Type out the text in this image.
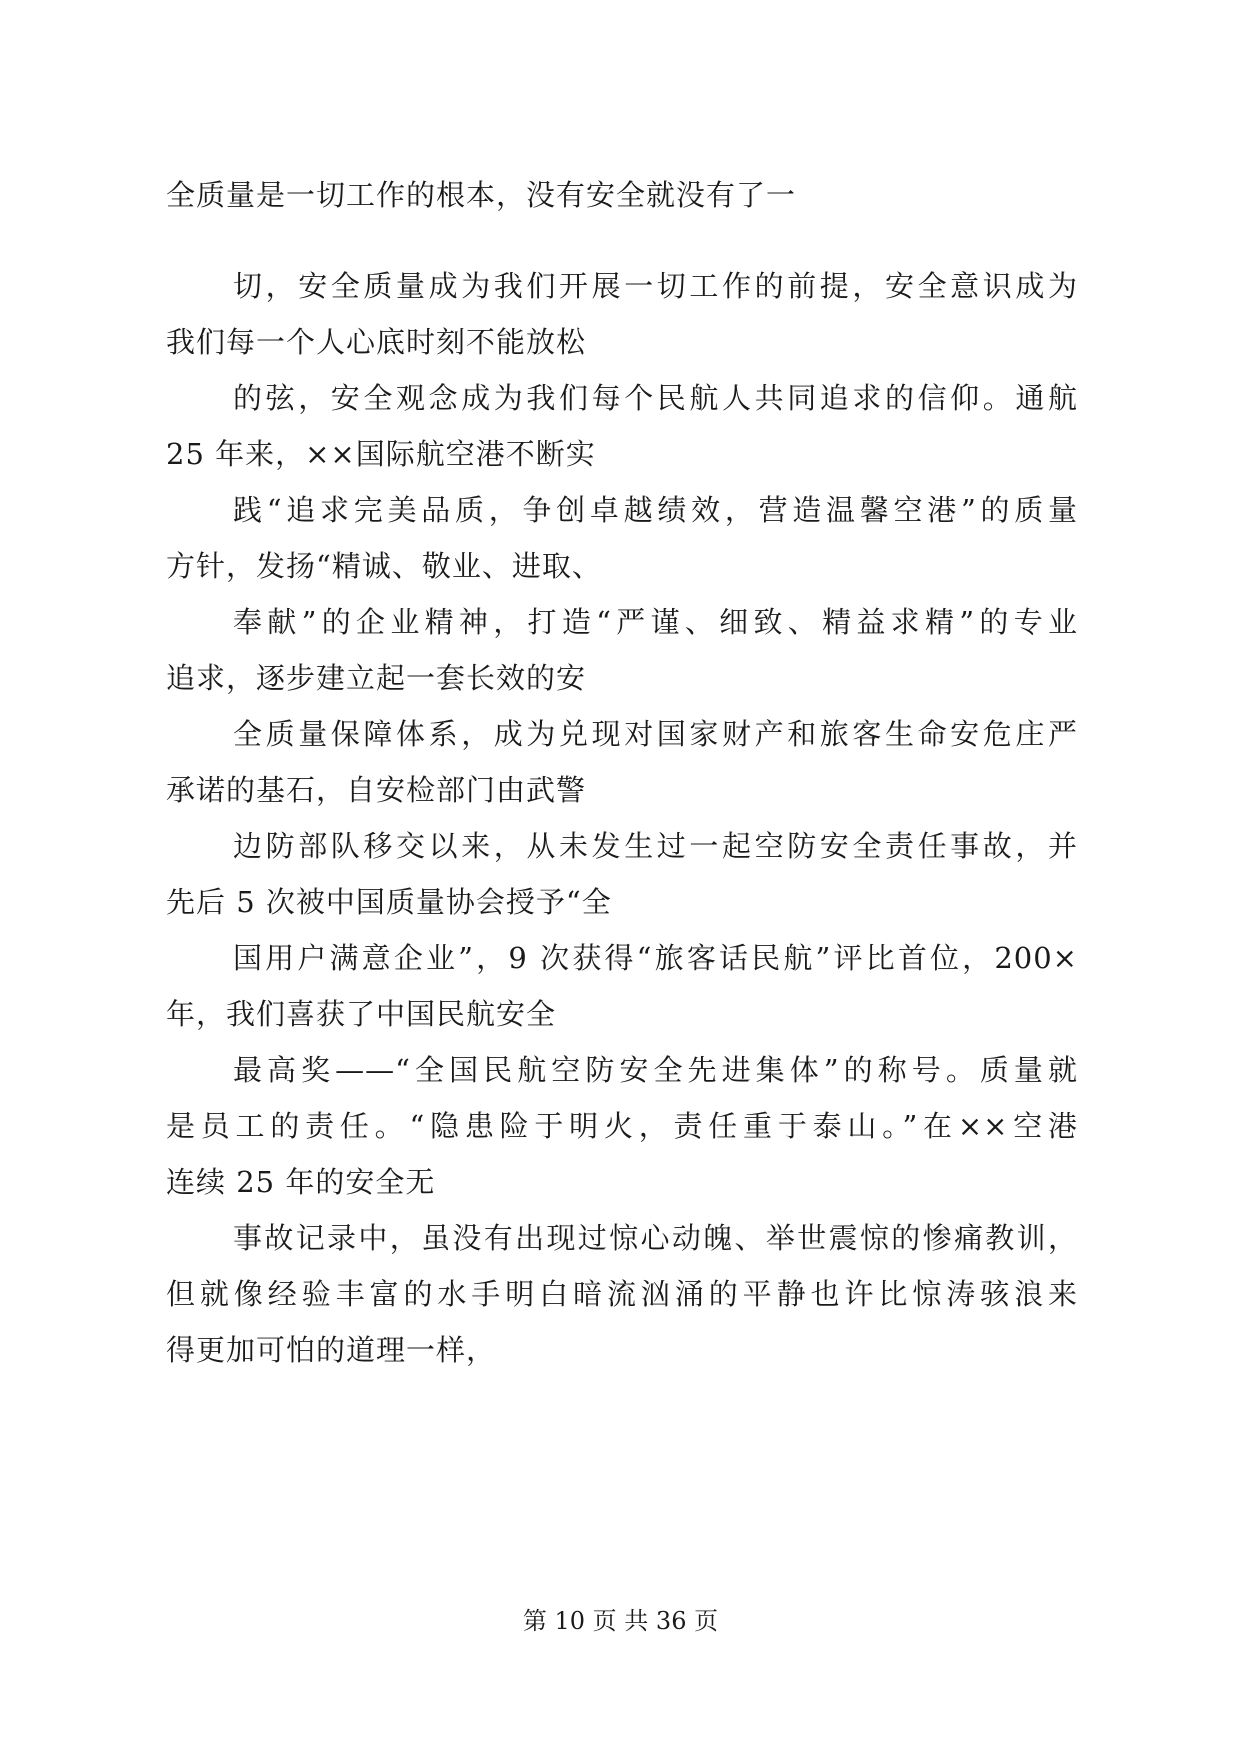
全质量是一切工作的根本，没有安全就没有了一
切，安全质量成为我们开展一切工作的前提，安全意识成为
我们每一个人心底时刻不能放松
的弦，安全观念成为我们每个民航人共同追求的信仰。通航
25 年来，××国际航空港不断实
践“追求完美品质，争创卓越绩效，营造温馨空港”的质量
方针，发扬“精诚、敬业、进取、
奉献”的企业精神，打造“严谨、细致、精益求精”的专业
追求，逐步建立起一套长效的安
全质量保障体系，成为兑现对国家财产和旅客生命安危庄严
承诺的基石，自安检部门由武警
边防部队移交以来，从未发生过一起空防安全责任事故，并
先后 5 次被中国质量协会授予“全
国用户满意企业”，9 次获得“旅客话民航”评比首位，200×
年，我们喜获了中国民航安全
最高奖——“全国民航空防安全先进集体”的称号。质量就
是员工的责任。“隐患险于明火，责任重于泰山。”在××空港
连续 25 年的安全无
事故记录中，虽没有出现过惊心动魄、举世震惊的惨痛教训，
但就像经验丰富的水手明白暗流汹涌的平静也许比惊涛骇浪来
得更加可怕的道理一样，
第 10 页 共 36 页
